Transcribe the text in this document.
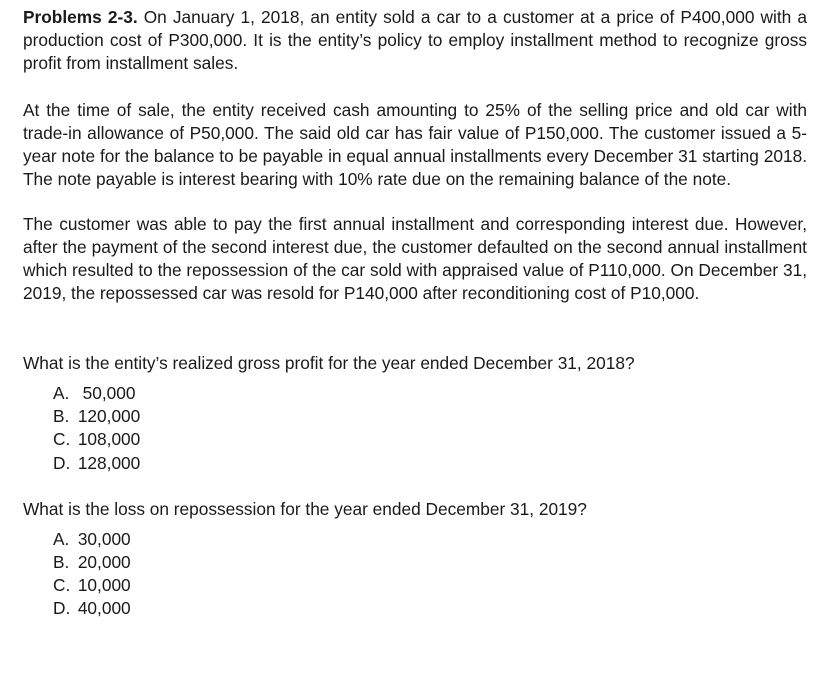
Problems 2-3. On January 1, 2018, an entity sold a car to a customer at a price of P400,000 with a production cost of P300,000. It is the entity’s policy to employ installment method to recognize gross profit from installment sales.

At the time of sale, the entity received cash amounting to 25% of the selling price and old car with trade-in allowance of P50,000. The said old car has fair value of P150,000. The customer issued a 5-year note for the balance to be payable in equal annual installments every December 31 starting 2018. The note payable is interest bearing with 10% rate due on the remaining balance of the note.

The customer was able to pay the first annual installment and corresponding interest due. However, after the payment of the second interest due, the customer defaulted on the second annual installment which resulted to the repossession of the car sold with appraised value of P110,000. On December 31, 2019, the repossessed car was resold for P140,000 after reconditioning cost of P10,000.

What is the entity’s realized gross profit for the year ended December 31, 2018?

A.  50,000
B. 120,000
C. 108,000
D. 128,000

What is the loss on repossession for the year ended December 31, 2019?

A. 30,000
B. 20,000
C. 10,000
D. 40,000
